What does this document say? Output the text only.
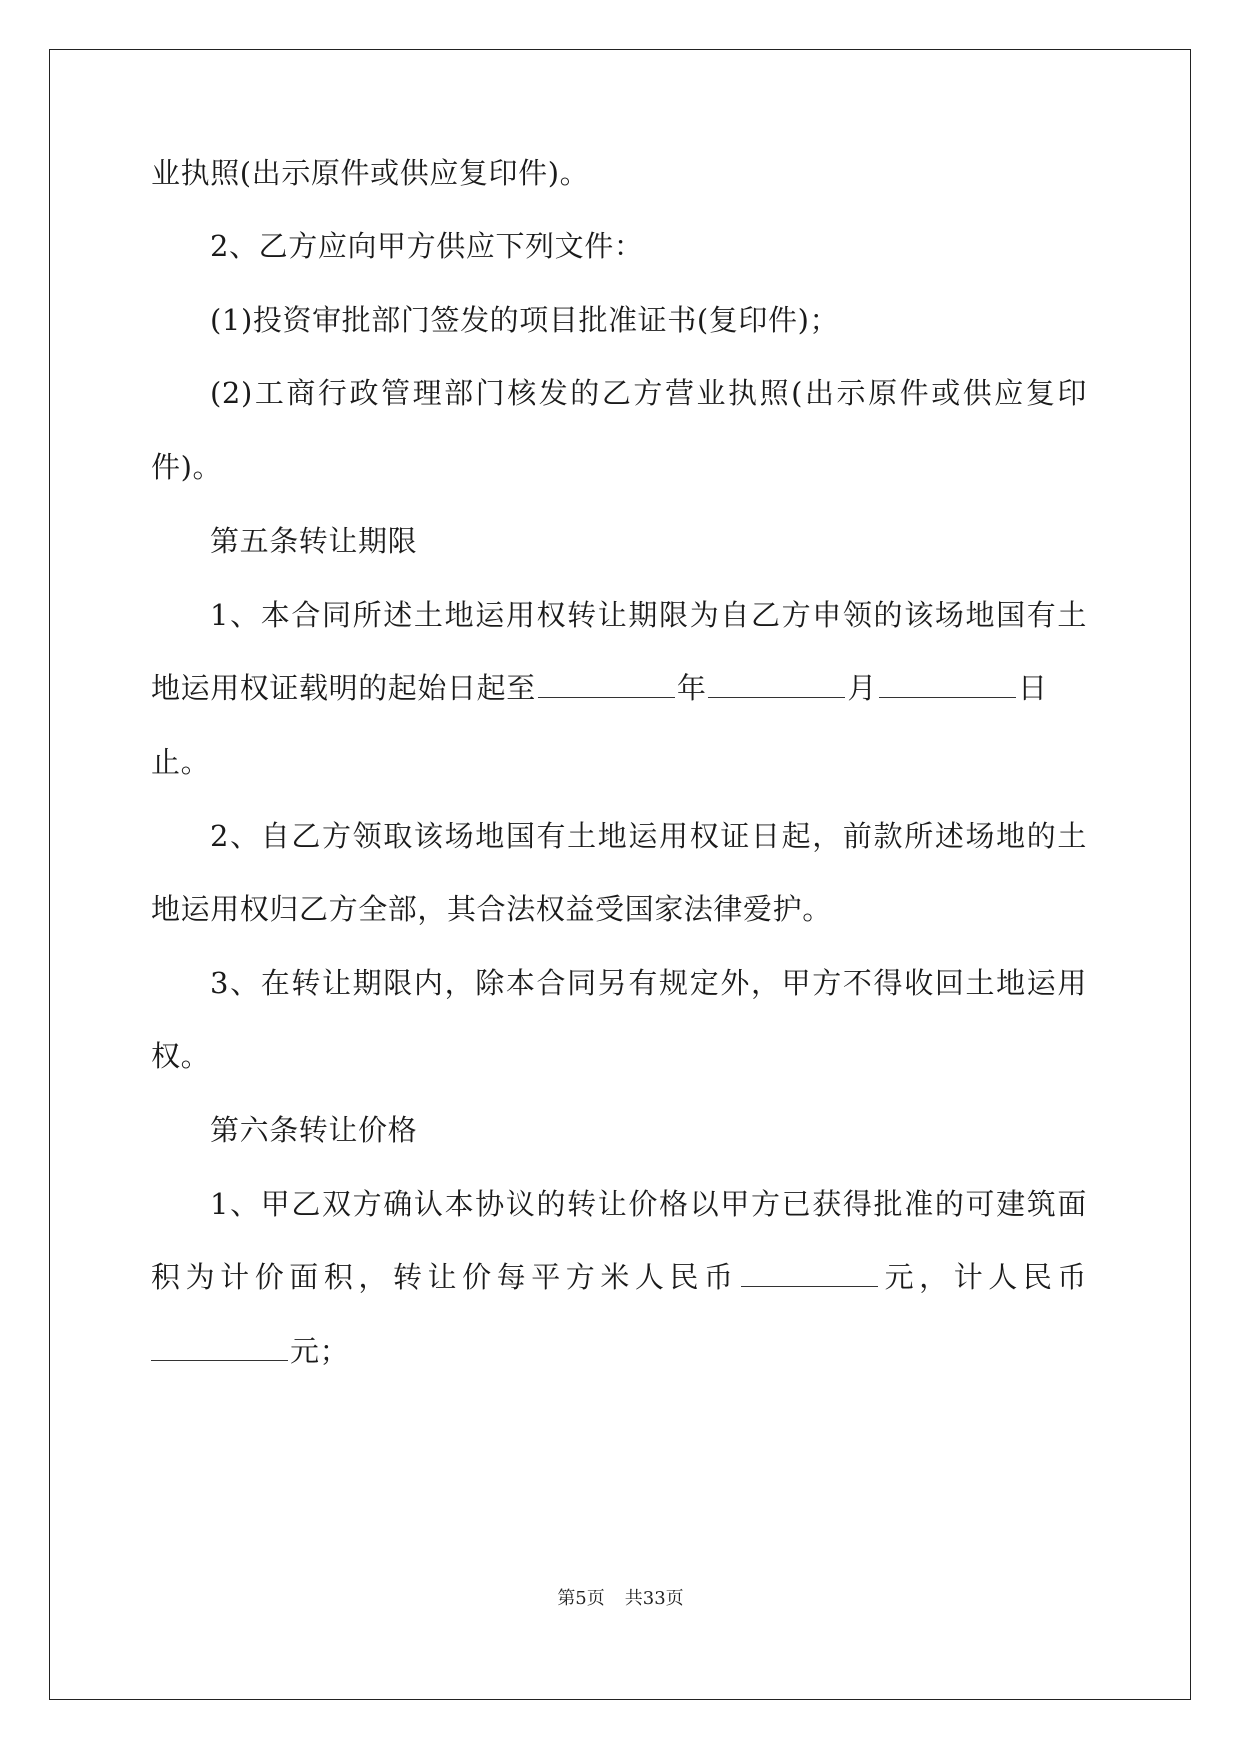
业执照(出示原件或供应复印件)。
2、乙方应向甲方供应下列文件：
(1)投资审批部门签发的项目批准证书(复印件)；
(2)工商行政管理部门核发的乙方营业执照(出示原件或供应复印
件)。
第五条转让期限
1、本合同所述土地运用权转让期限为自乙方申领的该场地国有土
地运用权证载明的起始日起至	年	月	日
止。
2、自乙方领取该场地国有土地运用权证日起，前款所述场地的土
地运用权归乙方全部，其合法权益受国家法律爱护。
3、在转让期限内，除本合同另有规定外，甲方不得收回土地运用
权。
第六条转让价格
1、甲乙双方确认本协议的转让价格以甲方已获得批准的可建筑面
积为计价面积，转让价每平方米人民币	元，计人民币
元；
第5页 共33页
